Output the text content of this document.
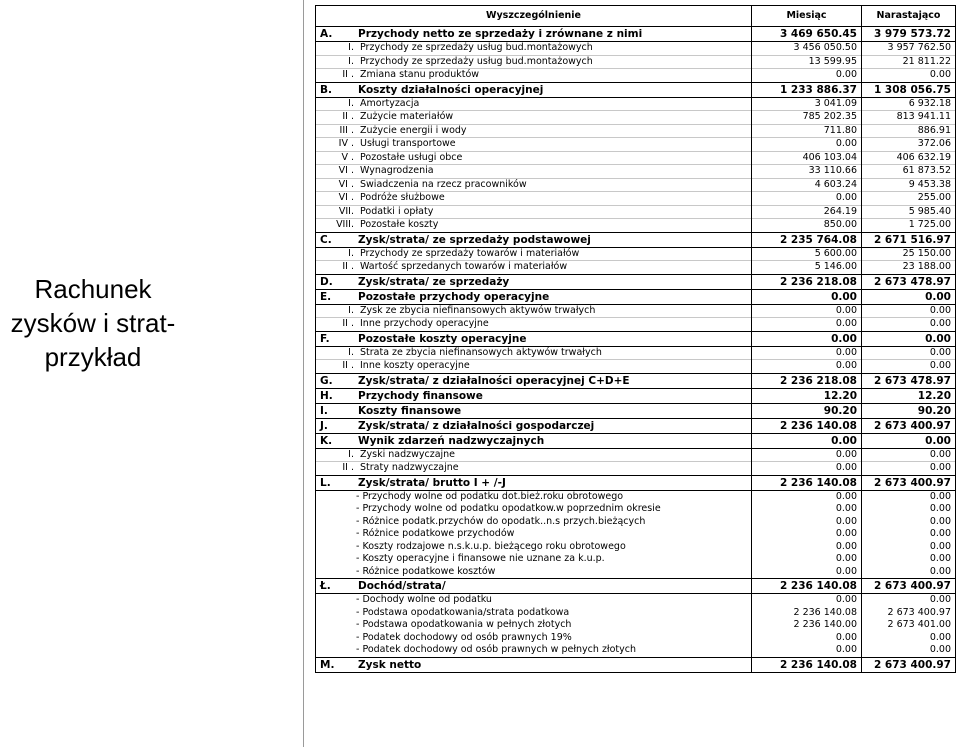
Rachunek
zysków i strat-
przykład
Wyszczególnienie	Miesiąc	Narastająco
A. Przychody netto ze sprzedaży i zrównane z nimi	3 469 650.45	3 979 573.72
I. Przychody ze sprzedaży usług bud.montażowych	3 456 050.50	3 957 762.50
I. Przychody ze sprzedaży usług bud.montażowych	13 599.95	21 811.22
II . Zmiana stanu produktów	0.00	0.00
B. Koszty działalności operacyjnej	1 233 886.37	1 308 056.75
I. Amortyzacja	3 041.09	6 932.18
II . Zużycie materiałów	785 202.35	813 941.11
III . Zużycie energii i wody	711.80	886.91
IV . Usługi transportowe	0.00	372.06
V . Pozostałe usługi obce	406 103.04	406 632.19
VI . Wynagrodzenia	33 110.66	61 873.52
VI . Świadczenia na rzecz pracowników	4 603.24	9 453.38
VI . Podróże służbowe	0.00	255.00
VII. Podatki i opłaty	264.19	5 985.40
VIII. Pozostałe koszty	850.00	1 725.00
C. Zysk/strata/ ze sprzedaży podstawowej	2 235 764.08	2 671 516.97
I. Przychody ze sprzedaży towarów i materiałów	5 600.00	25 150.00
II . Wartość sprzedanych towarów i materiałów	5 146.00	23 188.00
D. Zysk/strata/ ze sprzedaży	2 236 218.08	2 673 478.97
E. Pozostałe przychody operacyjne	0.00	0.00
I. Zysk ze zbycia niefinansowych aktywów trwałych	0.00	0.00
II . Inne przychody operacyjne	0.00	0.00
F. Pozostałe koszty operacyjne	0.00	0.00
I. Strata ze zbycia niefinansowych aktywów trwałych	0.00	0.00
II . Inne koszty operacyjne	0.00	0.00
G. Zysk/strata/ z działalności operacyjnej C+D+E	2 236 218.08	2 673 478.97
H. Przychody finansowe	12.20	12.20
I. Koszty finansowe	90.20	90.20
J. Zysk/strata/ z działalności gospodarczej	2 236 140.08	2 673 400.97
K. Wynik zdarzeń nadzwyczajnych	0.00	0.00
I. Zyski nadzwyczajne	0.00	0.00
II . Straty nadzwyczajne	0.00	0.00
L. Zysk/strata/ brutto I + /-J	2 236 140.08	2 673 400.97
- Przychody wolne od podatku dot.bież.roku obrotowego	0.00	0.00
- Przychody wolne od podatku opodatkow.w poprzednim okresie	0.00	0.00
- Różnice podatk.przychów do opodatk..n.s przych.bieżących	0.00	0.00
- Różnice podatkowe przychodów	0.00	0.00
- Koszty rodzajowe n.s.k.u.p. bieżącego roku obrotowego	0.00	0.00
- Koszty operacyjne i finansowe nie uznane za k.u.p.	0.00	0.00
- Różnice podatkowe kosztów	0.00	0.00
Ł. Dochód/strata/	2 236 140.08	2 673 400.97
- Dochody wolne od podatku	0.00	0.00
- Podstawa opodatkowania/strata podatkowa	2 236 140.08	2 673 400.97
- Podstawa opodatkowania w pełnych złotych	2 236 140.00	2 673 401.00
- Podatek dochodowy od osób prawnych 19%	0.00	0.00
- Podatek dochodowy od osób prawnych w pełnych złotych	0.00	0.00
M. Zysk netto	2 236 140.08	2 673 400.97
